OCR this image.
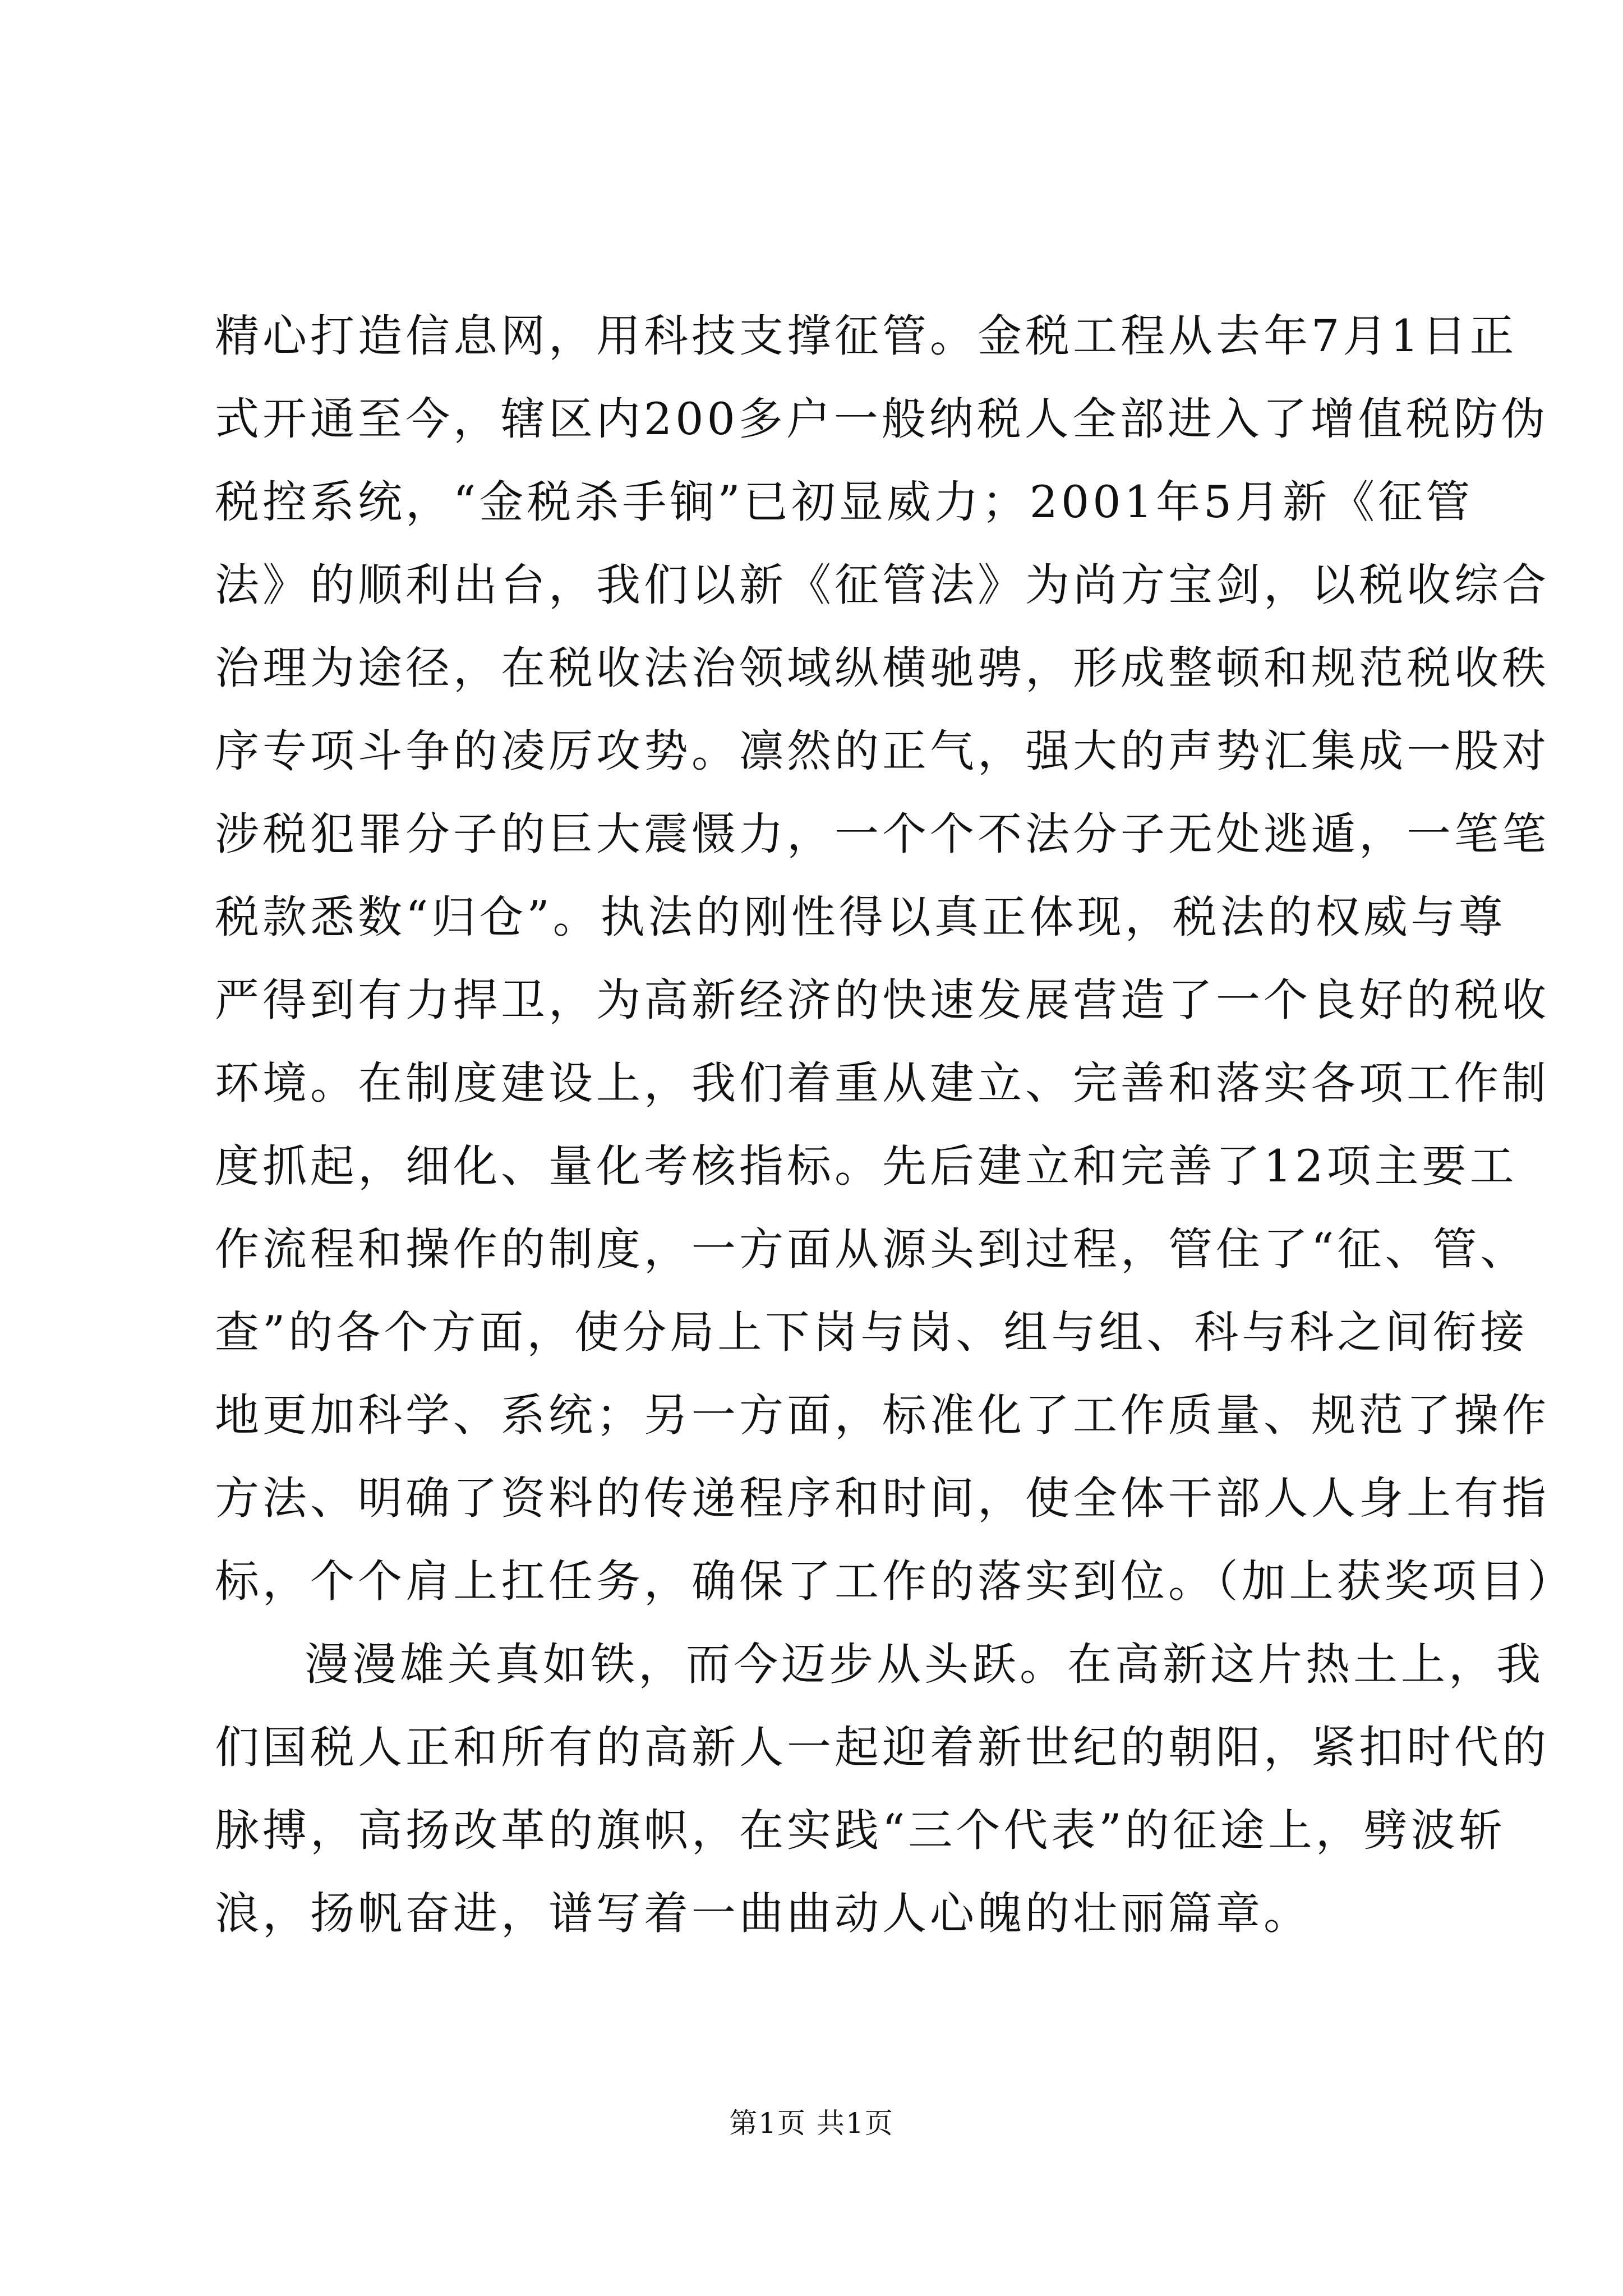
精心打造信息网，用科技支撑征管。金税工程从去年7月1日正
式开通至今，辖区内200多户一般纳税人全部进入了增值税防伪
税控系统，“金税杀手锏”已初显威力；2001年5月新《征管
法》的顺利出台，我们以新《征管法》为尚方宝剑，以税收综合
治理为途径，在税收法治领域纵横驰骋，形成整顿和规范税收秩
序专项斗争的凌厉攻势。凛然的正气，强大的声势汇集成一股对
涉税犯罪分子的巨大震慑力，一个个不法分子无处逃遁，一笔笔
税款悉数“归仓”。执法的刚性得以真正体现，税法的权威与尊
严得到有力捍卫，为高新经济的快速发展营造了一个良好的税收
环境。在制度建设上，我们着重从建立、完善和落实各项工作制
度抓起，细化、量化考核指标。先后建立和完善了12项主要工
作流程和操作的制度，一方面从源头到过程，管住了“征、管、
查”的各个方面，使分局上下岗与岗、组与组、科与科之间衔接
地更加科学、系统；另一方面，标准化了工作质量、规范了操作
方法、明确了资料的传递程序和时间，使全体干部人人身上有指
标，个个肩上扛任务，确保了工作的落实到位。（加上获奖项目）
漫漫雄关真如铁，而今迈步从头跃。在高新这片热土上，我
们国税人正和所有的高新人一起迎着新世纪的朝阳，紧扣时代的
脉搏，高扬改革的旗帜，在实践“三个代表”的征途上，劈波斩
浪，扬帆奋进，谱写着一曲曲动人心魄的壮丽篇章。
第1页 共1页
